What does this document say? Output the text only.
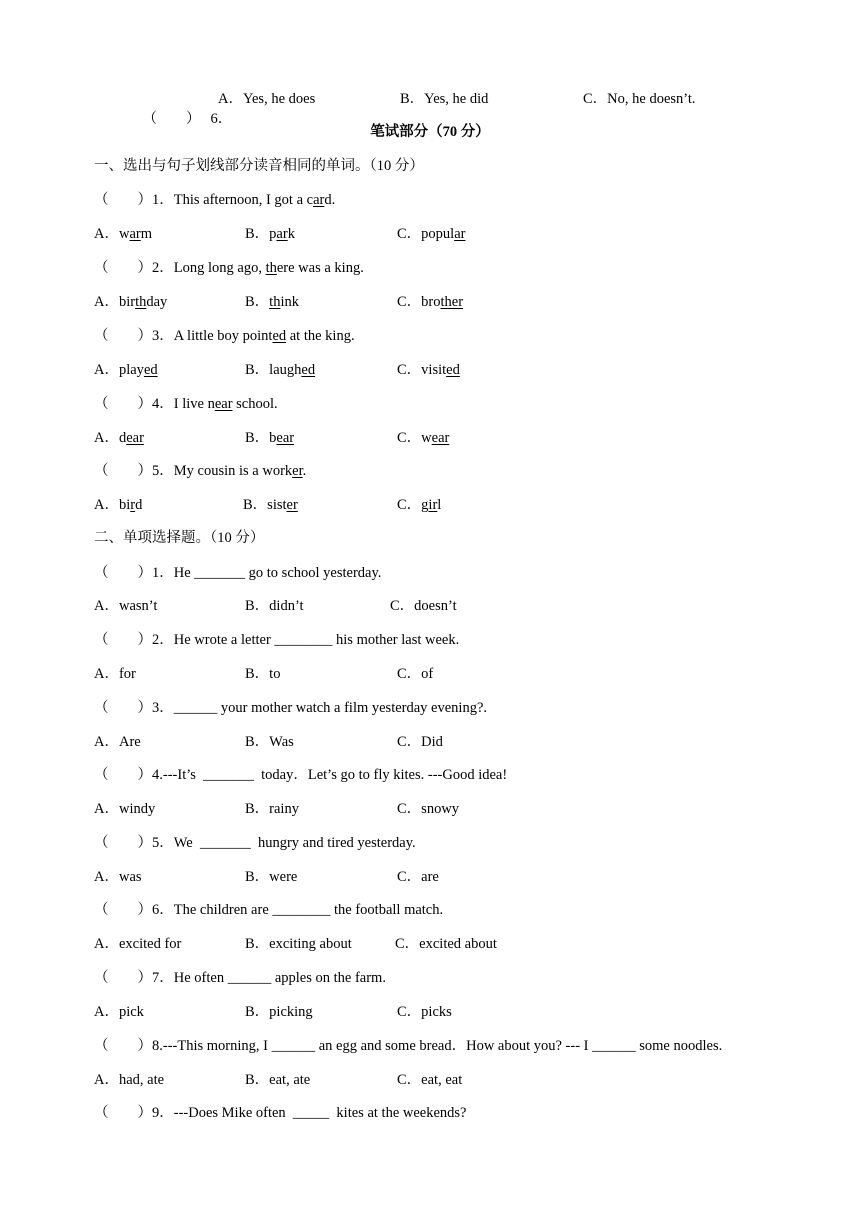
（　　） 6．

A．Yes, he does	B．Yes, he did	C．No, he doesn’t.
笔试部分（70 分）
一、选出与句子划线部分读音相同的单词。（10 分）
（　　）1．This afternoon, I got a card.
A．warm	B．park	C．popular
（　　）2．Long long ago, there was a king.
A．birthday	B．think	C．brother
（　　）3．A little boy pointed at the king.
A．played	B．laughed	C．visited
（　　）4．I live near school.
A．dear	B．bear	C．wear
（　　）5．My cousin is a worker.
A．bird	B．sister	C．girl
二、单项选择题。（10 分）
（　　）1．He _______ go to school yesterday.
A．wasn’t	B．didn’t	C．doesn’t
（　　）2．He wrote a letter ________ his mother last week.
A．for	B．to	C．of
（　　）3．______ your mother watch a film yesterday evening?.
A．Are	B．Was	C．Did
（　　）4.---It’s  _______  today．Let’s go to fly kites. ---Good idea!
A．windy	B．rainy	C．snowy
（　　）5．We  _______  hungry and tired yesterday.
A．was	B．were	C．are
（　　）6．The children are ________ the football match.
A．excited for	B．exciting about	C．excited about
（　　）7．He often ______ apples on the farm.
A．pick	B．picking	C．picks
（　　）8.---This morning, I ______ an egg and some bread．How about you? --- I ______ some noodles.
A．had, ate	B．eat, ate	C．eat, eat
（　　）9．---Does Mike often  _____  kites at the weekends?
